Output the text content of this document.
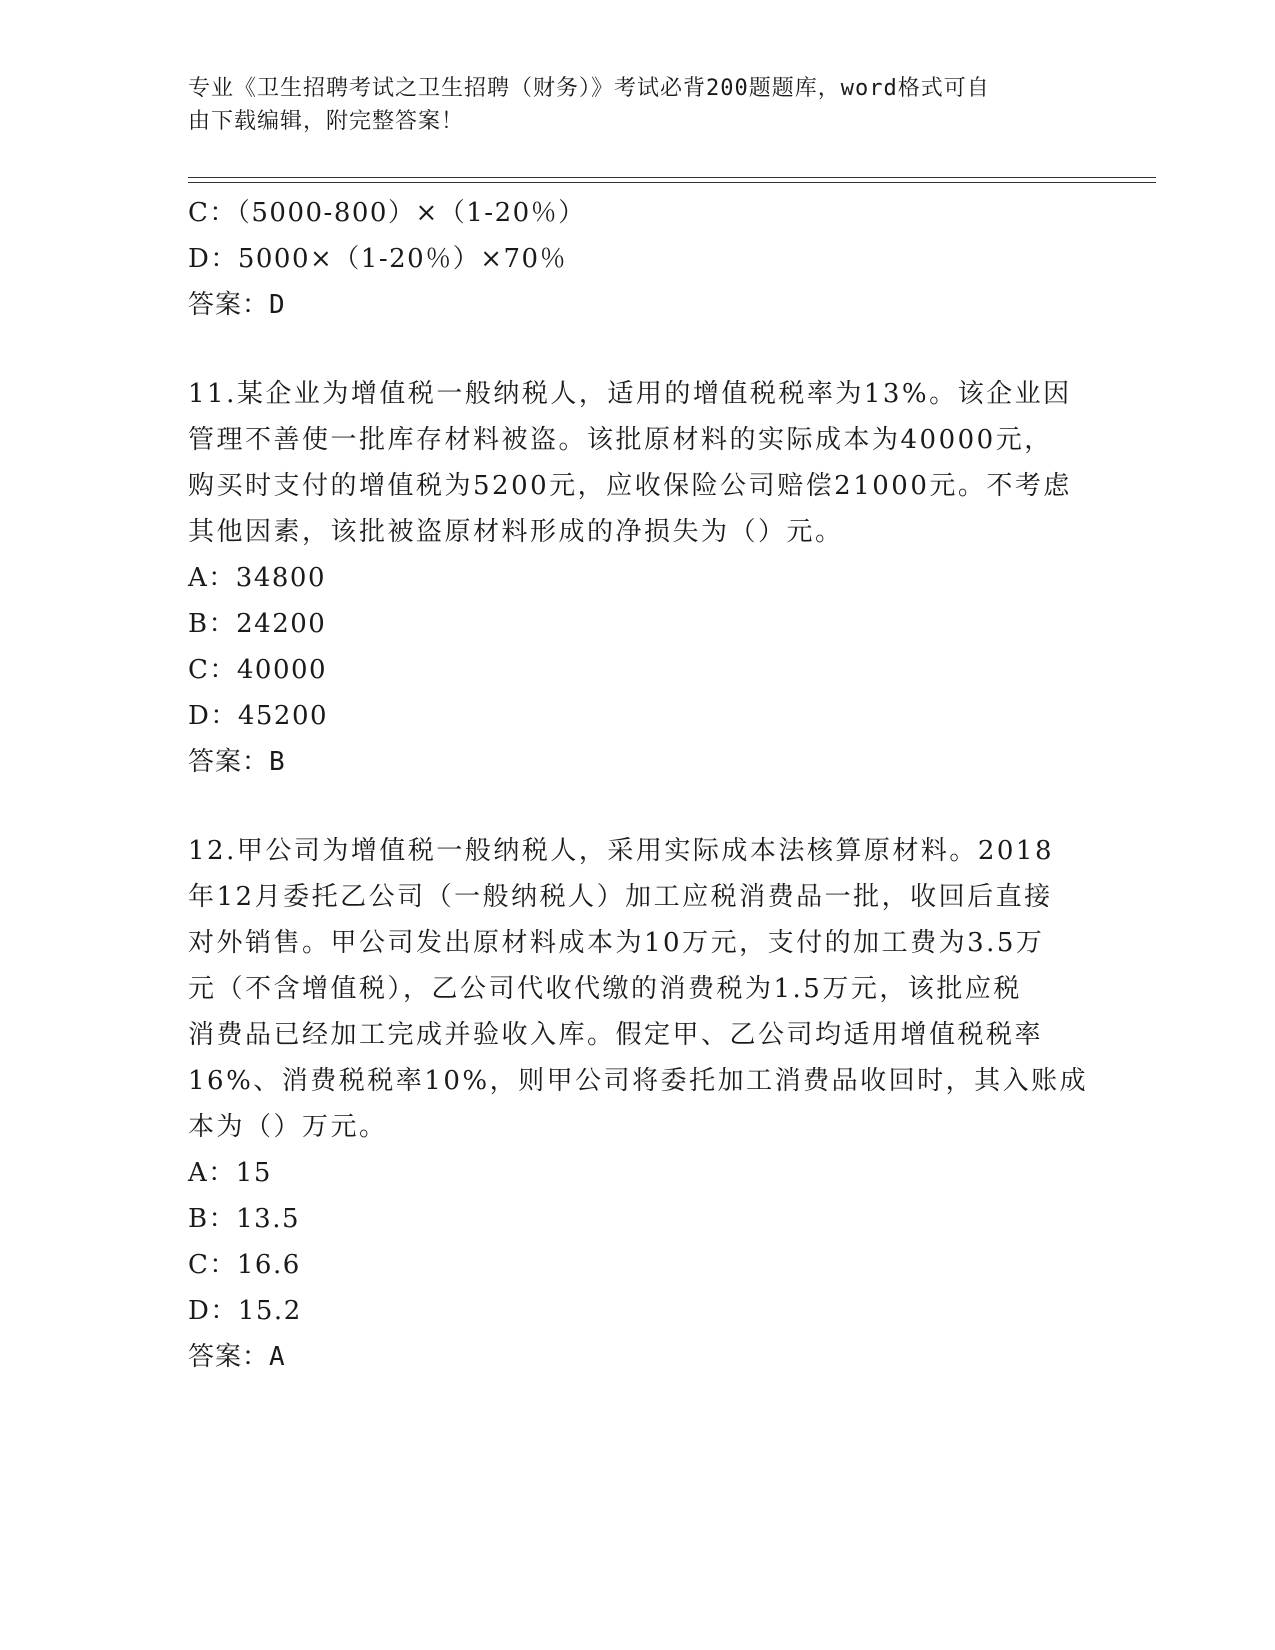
专业《卫生招聘考试之卫生招聘（财务）》考试必背200题题库，word格式可自
由下载编辑，附完整答案！
C：（5000-800）×（1-20％）
D：5000×（1-20％）×70％
答案：D
11.某企业为增值税一般纳税人，适用的增值税税率为13%。该企业因
管理不善使一批库存材料被盗。该批原材料的实际成本为40000元，
购买时支付的增值税为5200元，应收保险公司赔偿21000元。不考虑
其他因素，该批被盗原材料形成的净损失为（）元。
A：34800
B：24200
C：40000
D：45200
答案：B
12.甲公司为增值税一般纳税人，采用实际成本法核算原材料。2018
年12月委托乙公司（一般纳税人）加工应税消费品一批，收回后直接
对外销售。甲公司发出原材料成本为10万元，支付的加工费为3.5万
元（不含增值税），乙公司代收代缴的消费税为1.5万元，该批应税
消费品已经加工完成并验收入库。假定甲、乙公司均适用增值税税率
16%、消费税税率10%，则甲公司将委托加工消费品收回时，其入账成
本为（）万元。
A：15
B：13.5
C：16.6
D：15.2
答案：A
